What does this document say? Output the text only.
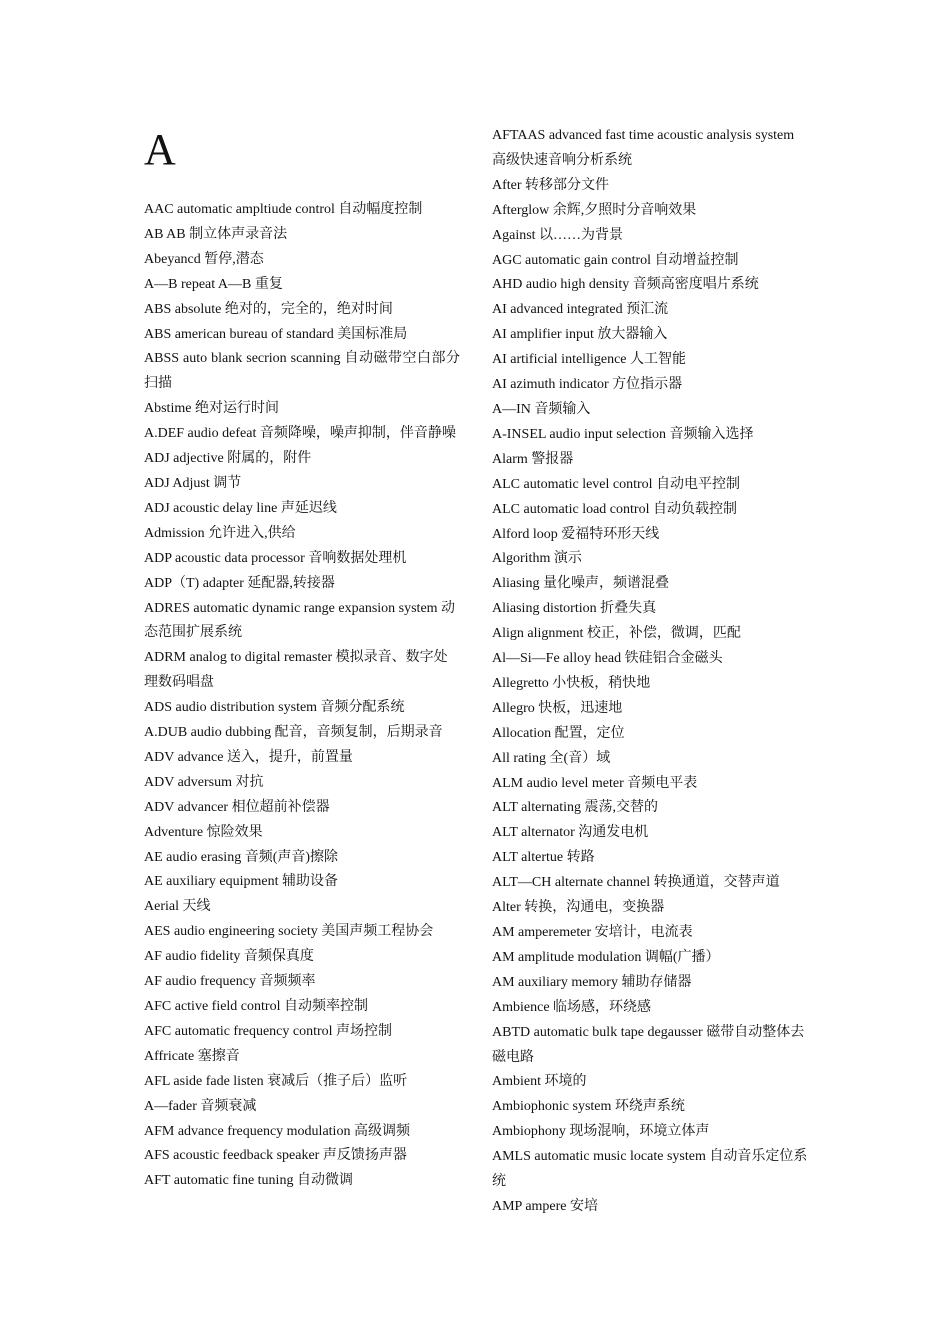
A

AAC automatic ampltiude control 自动幅度控制

AB AB 制立体声录音法

Abeyancd 暂停,潜态

A—B repeat A—B 重复

ABS absolute 绝对的，完全的，绝对时间

ABS american bureau of standard 美国标准局

ABSS auto blank secrion scanning 自动磁带空白部分扫描

Abstime 绝对运行时间

A.DEF audio defeat 音频降噪，噪声抑制，伴音静噪

ADJ adjective 附属的，附件

ADJ Adjust 调节

ADJ acoustic delay line 声延迟线

Admission 允许进入,供给

ADP acoustic data processor 音响数据处理机

ADP（T) adapter 延配器,转接器

ADRES automatic dynamic range expansion system 动态范围扩展系统

ADRM analog to digital remaster 模拟录音、数字处理数码唱盘

ADS audio distribution system 音频分配系统

A.DUB audio dubbing 配音，音频复制，后期录音

ADV advance 送入，提升，前置量

ADV adversum 对抗

ADV advancer 相位超前补偿器

Adventure 惊险效果

AE audio erasing 音频(声音)擦除

AE auxiliary equipment 辅助设备

Aerial 天线

AES audio engineering society 美国声频工程协会

AF audio fidelity 音频保真度

AF audio frequency 音频频率

AFC active field control 自动频率控制

AFC automatic frequency control 声场控制

Affricate 塞擦音

AFL aside fade listen 衰减后（推子后）监听

A—fader 音频衰减

AFM advance frequency modulation 高级调频

AFS acoustic feedback speaker 声反馈扬声器

AFT automatic fine tuning 自动微调

AFTAAS advanced fast time acoustic analysis system 高级快速音响分析系统

After 转移部分文件

Afterglow 余辉,夕照时分音响效果

Against 以……为背景

AGC automatic gain control 自动增益控制

AHD audio high density 音频高密度唱片系统

AI advanced integrated 预汇流

AI amplifier input 放大器输入

AI artificial intelligence 人工智能

AI azimuth indicator 方位指示器

A—IN 音频输入

A-INSEL audio input selection 音频输入选择

Alarm 警报器

ALC automatic level control 自动电平控制

ALC automatic load control 自动负载控制

Alford loop 爱福特环形天线

Algorithm 演示

Aliasing 量化噪声，频谱混叠

Aliasing distortion 折叠失真

Align alignment 校正，补偿，微调，匹配

Al—Si—Fe alloy head 铁硅铝合金磁头

Allegretto 小快板，稍快地

Allegro 快板，迅速地

Allocation 配置，定位

All rating 全(音）域

ALM audio level meter 音频电平表

ALT alternating 震荡,交替的

ALT alternator 沟通发电机

ALT altertue 转路

ALT—CH alternate channel 转换通道，交替声道

Alter 转换，沟通电，变换器

AM amperemeter 安培计，电流表

AM amplitude modulation 调幅(广播）

AM auxiliary memory 辅助存储器

Ambience 临场感，环绕感

ABTD automatic bulk tape degausser 磁带自动整体去磁电路

Ambient 环境的

Ambiophonic system 环绕声系统

Ambiophony 现场混响，环境立体声

AMLS automatic music locate system 自动音乐定位系统

AMP ampere 安培
